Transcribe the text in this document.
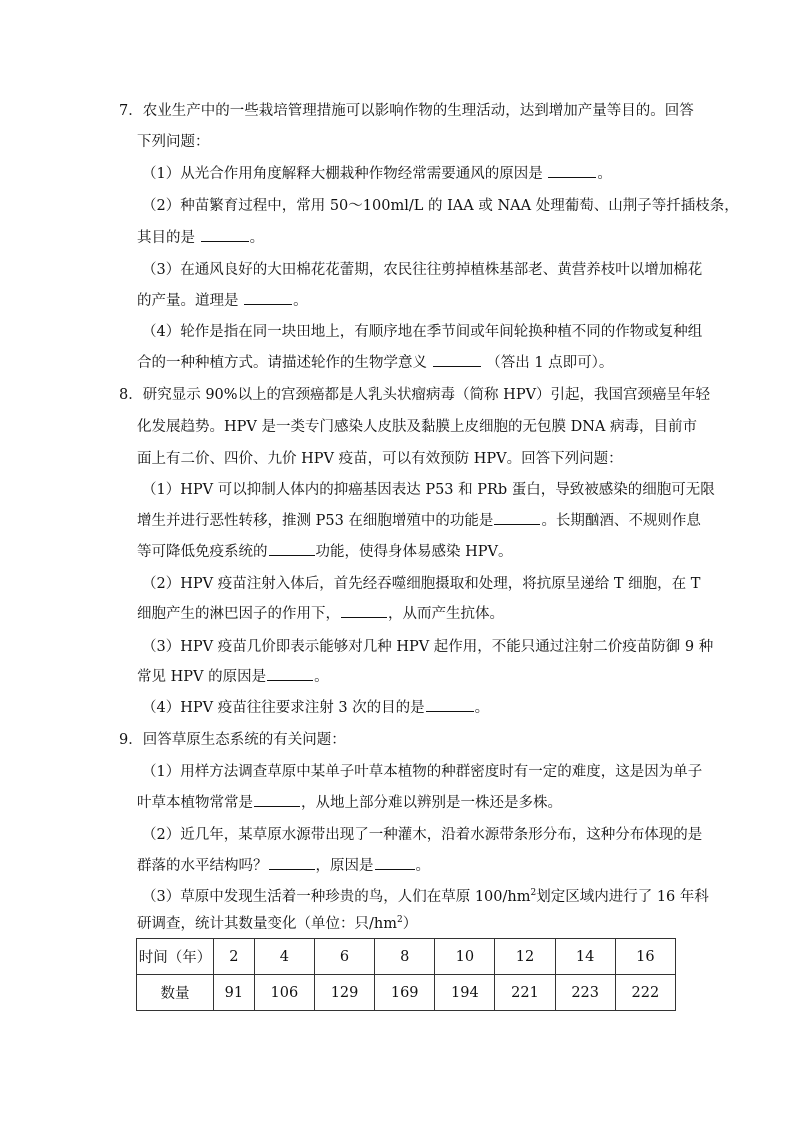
7．农业生产中的一些栽培管理措施可以影响作物的生理活动，达到增加产量等目的。回答
下列问题：
（1）从光合作用角度解释大棚栽种作物经常需要通风的原因是	。
（2）种苗繁育过程中，常用 50～100ml/L 的 IAA 或 NAA 处理葡萄、山荆子等扦插枝条，
其目的是	。
（3）在通风良好的大田棉花花蕾期，农民往往剪掉植株基部老、黄营养枝叶以增加棉花
的产量。道理是	。
（4）轮作是指在同一块田地上，有顺序地在季节间或年间轮换种植不同的作物或复种组
合的一种种植方式。请描述轮作的生物学意义	（答出 1 点即可）。
8．研究显示 90%以上的宫颈癌都是人乳头状瘤病毒（简称 HPV）引起，我国宫颈癌呈年轻
化发展趋势。HPV 是一类专门感染人皮肤及黏膜上皮细胞的无包膜 DNA 病毒，目前市
面上有二价、四价、九价 HPV 疫苗，可以有效预防 HPV。回答下列问题：
（1）HPV 可以抑制人体内的抑癌基因表达 P53 和 PRb 蛋白，导致被感染的细胞可无限
增生并进行恶性转移，推测 P53 在细胞增殖中的功能是	。长期酗酒、不规则作息
等可降低免疫系统的	功能，使得身体易感染 HPV。
（2）HPV 疫苗注射入体后，首先经吞噬细胞摄取和处理，将抗原呈递给 T 细胞，在 T
细胞产生的淋巴因子的作用下，	，从而产生抗体。
（3）HPV 疫苗几价即表示能够对几种 HPV 起作用，不能只通过注射二价疫苗防御 9 种
常见 HPV 的原因是	。
（4）HPV 疫苗往往要求注射 3 次的目的是	。
9．回答草原生态系统的有关问题：
（1）用样方法调查草原中某单子叶草本植物的种群密度时有一定的难度，这是因为单子
叶草本植物常常是	，从地上部分难以辨别是一株还是多株。
（2）近几年，某草原水源带出现了一种灌木，沿着水源带条形分布，这种分布体现的是
群落的水平结构吗？	，原因是	。
（3）草原中发现生活着一种珍贵的鸟，人们在草原 $100/hm^2$划定区域内进行了 16 年科
研调查，统计其数量变化（单位：只$/hm^2$）
时间（年）	2	4	6	8	10	12	14	16
数量	91	106	129	169	194	221	223	222
